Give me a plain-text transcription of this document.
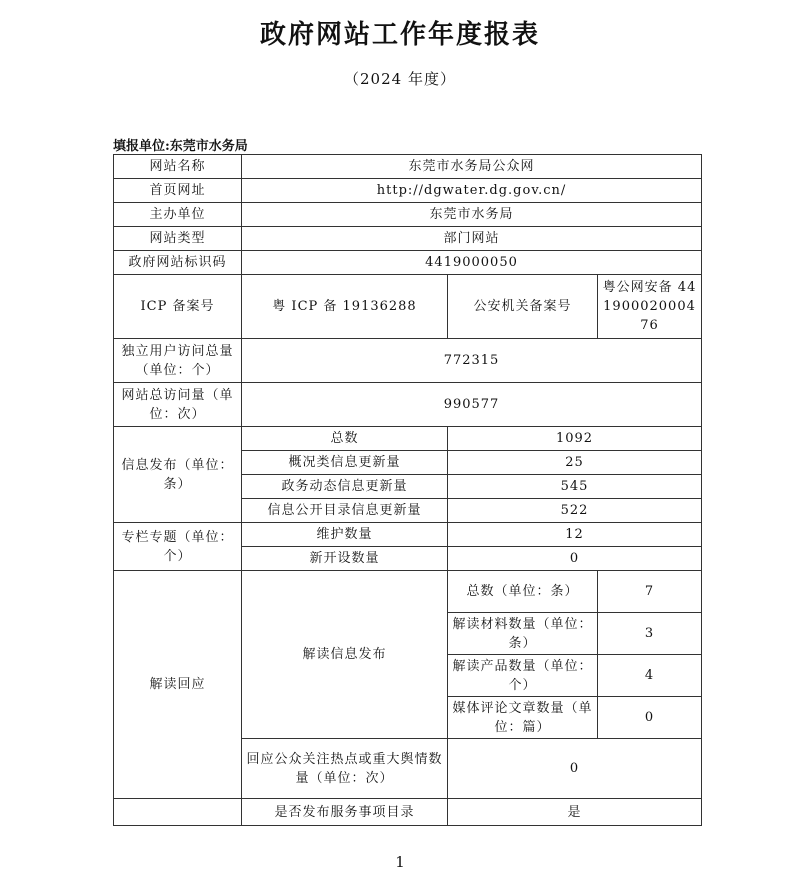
政府网站工作年度报表
（2024 年度）
填报单位:东莞市水务局
网站名称	东莞市水务局公众网		
首页网址	http://dgwater.dg.gov.cn/		
主办单位	东莞市水务局		
网站类型	部门网站		
政府网站标识码	4419000050		
ICP 备案号	粤 ICP 备 19136288	公安机关备案号	粤公网安备 44190002000476
独立用户访问总量（单位：个）	772315		
网站总访问量（单位：次）	990577		
信息发布（单位：条）	总数	1092	
	概况类信息更新量	25	
	政务动态信息更新量	545	
	信息公开目录信息更新量	522	
专栏专题（单位：个）	维护数量	12	
	新开设数量	0	
解读回应	解读信息发布	总数（单位：条）	7
		解读材料数量（单位：条）	3
		解读产品数量（单位：个）	4
		媒体评论文章数量（单位：篇）	0
	回应公众关注热点或重大舆情数量（单位：次）	0	
	是否发布服务事项目录	是	
1
